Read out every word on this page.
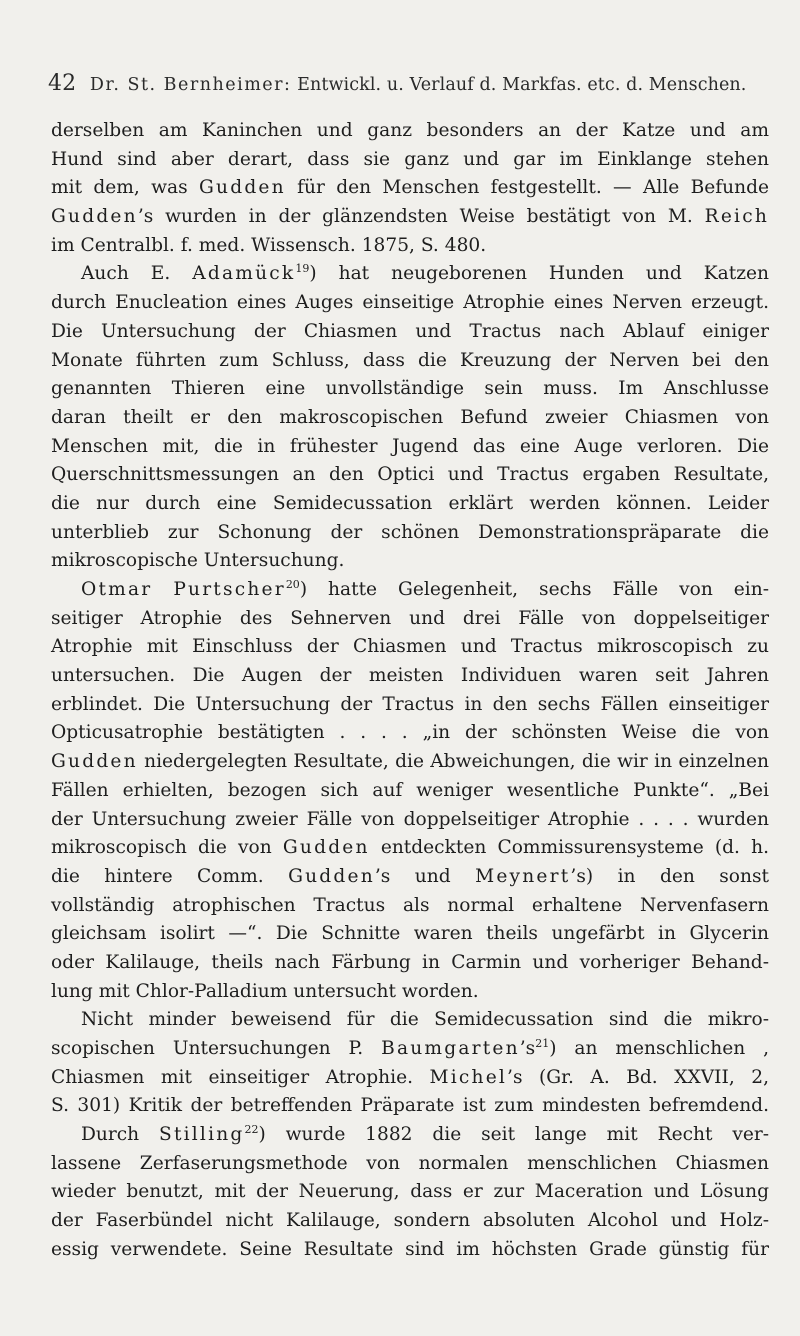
42 Dr. St. Bernheimer: Entwickl. u. Verlauf d. Markfas. etc. d. Menschen.
derselben am Kaninchen und ganz besonders an der Katze und am
Hund sind aber derart, dass sie ganz und gar im Einklange stehen
mit dem, was Gudden für den Menschen festgestellt. — Alle Befunde
Gudden’s wurden in der glänzendsten Weise bestätigt von M. Reich
im Centralbl. f. med. Wissensch. 1875, S. 480.
Auch E. Adamück$^{19}$) hat neugeborenen Hunden und Katzen
durch Enucleation eines Auges einseitige Atrophie eines Nerven erzeugt.
Die Untersuchung der Chiasmen und Tractus nach Ablauf einiger
Monate führten zum Schluss, dass die Kreuzung der Nerven bei den
genannten Thieren eine unvollständige sein muss. Im Anschlusse
daran theilt er den makroscopischen Befund zweier Chiasmen von
Menschen mit, die in frühester Jugend das eine Auge verloren. Die
Querschnittsmessungen an den Optici und Tractus ergaben Resultate,
die nur durch eine Semidecussation erklärt werden können. Leider
unterblieb zur Schonung der schönen Demonstrationspräparate die
mikroscopische Untersuchung.
Otmar Purtscher$^{20}$) hatte Gelegenheit, sechs Fälle von ein-
seitiger Atrophie des Sehnerven und drei Fälle von doppelseitiger
Atrophie mit Einschluss der Chiasmen und Tractus mikroscopisch zu
untersuchen. Die Augen der meisten Individuen waren seit Jahren
erblindet. Die Untersuchung der Tractus in den sechs Fällen einseitiger
Opticusatrophie bestätigten . . . . „in der schönsten Weise die von
Gudden niedergelegten Resultate, die Abweichungen, die wir in einzelnen
Fällen erhielten, bezogen sich auf weniger wesentliche Punkte“. „Bei
der Untersuchung zweier Fälle von doppelseitiger Atrophie . . . . wurden
mikroscopisch die von Gudden entdeckten Commissurensysteme (d. h.
die hintere Comm. Gudden’s und Meynert’s) in den sonst
vollständig atrophischen Tractus als normal erhaltene Nervenfasern
gleichsam isolirt —“. Die Schnitte waren theils ungefärbt in Glycerin
oder Kalilauge, theils nach Färbung in Carmin und vorheriger Behand-
lung mit Chlor-Palladium untersucht worden.
Nicht minder beweisend für die Semidecussation sind die mikro-
scopischen Untersuchungen P. $Baumgarten’s^{21}$) an menschlichen ,
Chiasmen mit einseitiger Atrophie. Michel’s (Gr. A. Bd. XXVII, 2,
S. 301) Kritik der betreffenden Präparate ist zum mindesten befremdend.
Durch Stilling$^{22}$) wurde 1882 die seit lange mit Recht ver-
lassene Zerfaserungsmethode von normalen menschlichen Chiasmen
wieder benutzt, mit der Neuerung, dass er zur Maceration und Lösung
der Faserbündel nicht Kalilauge, sondern absoluten Alcohol und Holz-
essig verwendete. Seine Resultate sind im höchsten Grade günstig für
